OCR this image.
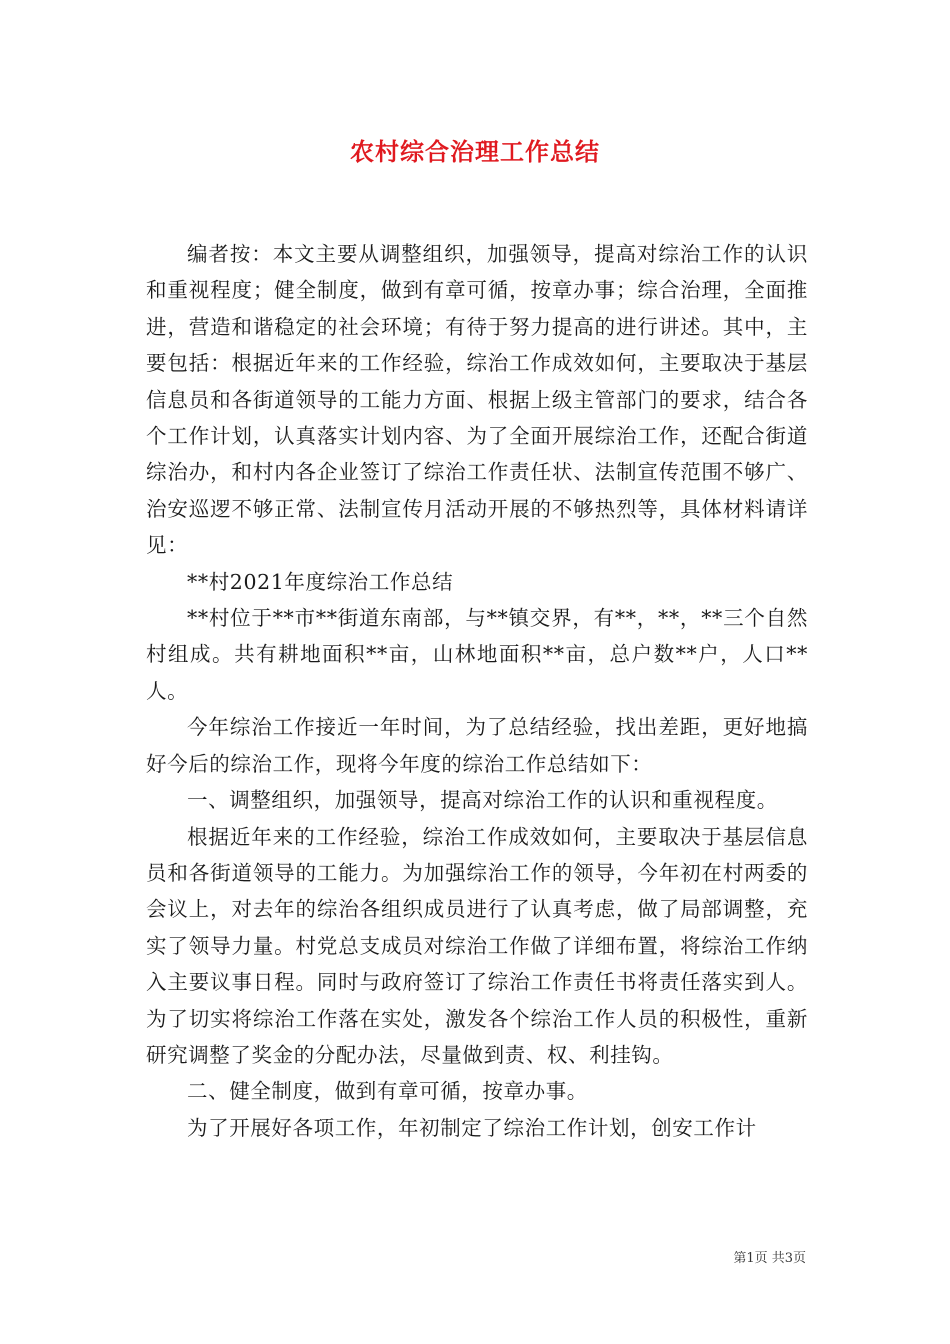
农村综合治理工作总结

编者按：本文主要从调整组织，加强领导，提高对综治工作的认识和重视程度；健全制度，做到有章可循，按章办事；综合治理，全面推进，营造和谐稳定的社会环境；有待于努力提高的进行讲述。其中，主要包括：根据近年来的工作经验，综治工作成效如何，主要取决于基层信息员和各街道领导的工能力方面、根据上级主管部门的要求，结合各个工作计划，认真落实计划内容、为了全面开展综治工作，还配合街道综治办，和村内各企业签订了综治工作责任状、法制宣传范围不够广、治安巡逻不够正常、法制宣传月活动开展的不够热烈等，具体材料请详见：

**村2021年度综治工作总结

**村位于**市**街道东南部，与**镇交界，有**，**，**三个自然村组成。共有耕地面积**亩，山林地面积**亩，总户数**户，人口**人。

今年综治工作接近一年时间，为了总结经验，找出差距，更好地搞好今后的综治工作，现将今年度的综治工作总结如下：

一、调整组织，加强领导，提高对综治工作的认识和重视程度。

根据近年来的工作经验，综治工作成效如何，主要取决于基层信息员和各街道领导的工能力。为加强综治工作的领导，今年初在村两委的会议上，对去年的综治各组织成员进行了认真考虑，做了局部调整，充实了领导力量。村党总支成员对综治工作做了详细布置，将综治工作纳入主要议事日程。同时与政府签订了综治工作责任书将责任落实到人。为了切实将综治工作落在实处，激发各个综治工作人员的积极性，重新研究调整了奖金的分配办法，尽量做到责、权、利挂钩。

二、健全制度，做到有章可循，按章办事。

为了开展好各项工作，年初制定了综治工作计划，创安工作计

第1页 共3页
